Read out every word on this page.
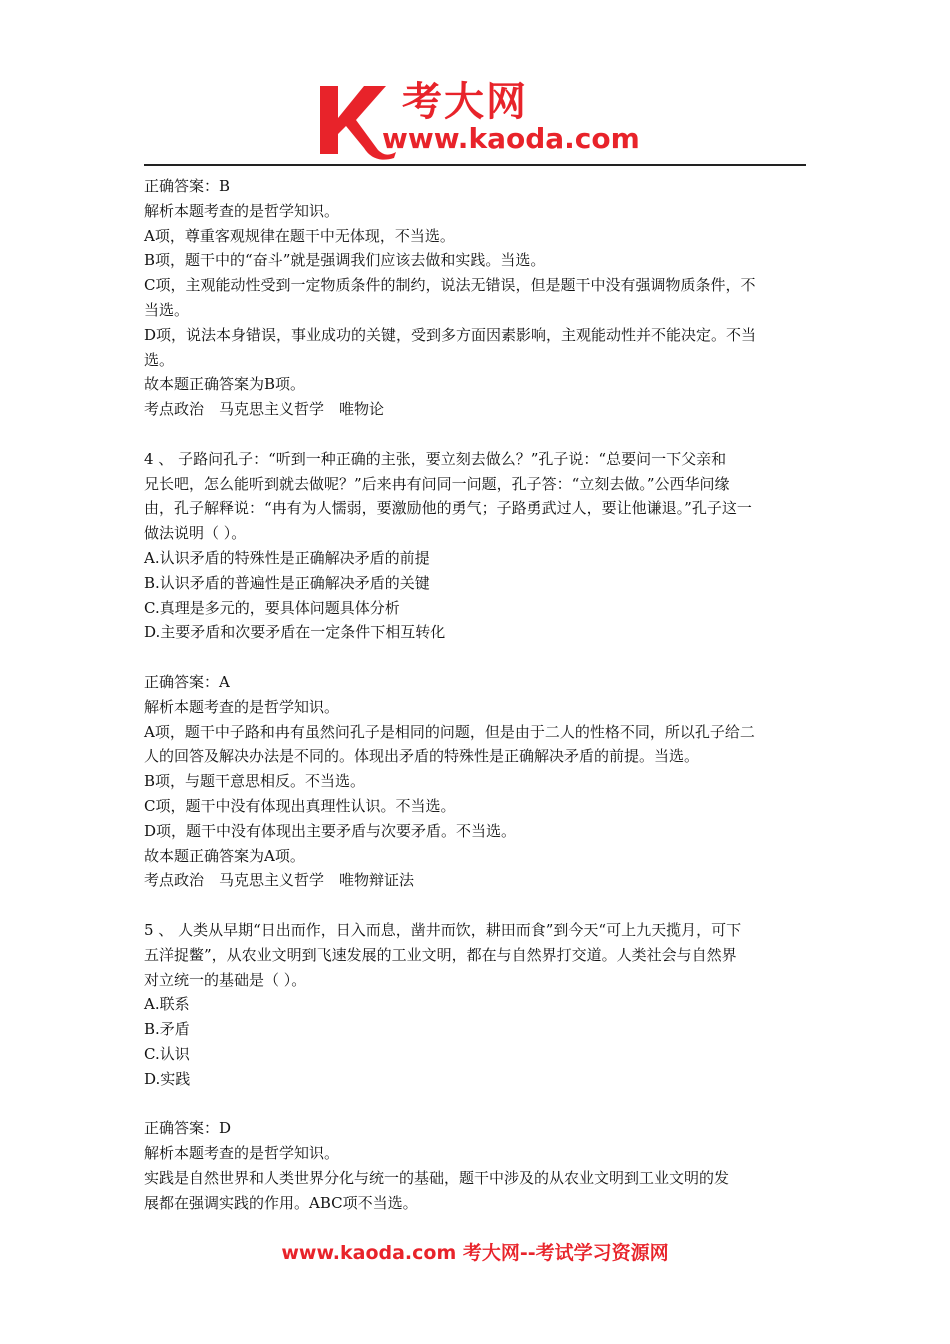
考大网
www.kaoda.com
正确答案：B
解析本题考查的是哲学知识。
A项，尊重客观规律在题干中无体现，不当选。
B项，题干中的“奋斗”就是强调我们应该去做和实践。当选。
C项，主观能动性受到一定物质条件的制约，说法无错误，但是题干中没有强调物质条件，不
当选。
D项，说法本身错误，事业成功的关键，受到多方面因素影响，主观能动性并不能决定。不当
选。
故本题正确答案为B项。
考点政治　马克思主义哲学　唯物论
4 、 子路问孔子：“听到一种正确的主张，要立刻去做么？”孔子说：“总要问一下父亲和
兄长吧，怎么能听到就去做呢？”后来冉有问同一问题，孔子答：“立刻去做。”公西华问缘
由，孔子解释说：“冉有为人懦弱，要激励他的勇气；子路勇武过人，要让他谦退。”孔子这一
做法说明（ ）。
A.认识矛盾的特殊性是正确解决矛盾的前提
B.认识矛盾的普遍性是正确解决矛盾的关键
C.真理是多元的，要具体问题具体分析
D.主要矛盾和次要矛盾在一定条件下相互转化
正确答案：A
解析本题考查的是哲学知识。
A项，题干中子路和冉有虽然问孔子是相同的问题，但是由于二人的性格不同，所以孔子给二
人的回答及解决办法是不同的。体现出矛盾的特殊性是正确解决矛盾的前提。当选。
B项，与题干意思相反。不当选。
C项，题干中没有体现出真理性认识。不当选。
D项，题干中没有体现出主要矛盾与次要矛盾。不当选。
故本题正确答案为A项。
考点政治　马克思主义哲学　唯物辩证法
5 、 人类从早期“日出而作，日入而息，凿井而饮，耕田而食”到今天“可上九天揽月，可下
五洋捉鳖”，从农业文明到飞速发展的工业文明，都在与自然界打交道。人类社会与自然界
对立统一的基础是（ ）。
A.联系
B.矛盾
C.认识
D.实践
正确答案：D
解析本题考查的是哲学知识。
实践是自然世界和人类世界分化与统一的基础，题干中涉及的从农业文明到工业文明的发
展都在强调实践的作用。ABC项不当选。
www.kaoda.com 考大网--考试学习资源网
